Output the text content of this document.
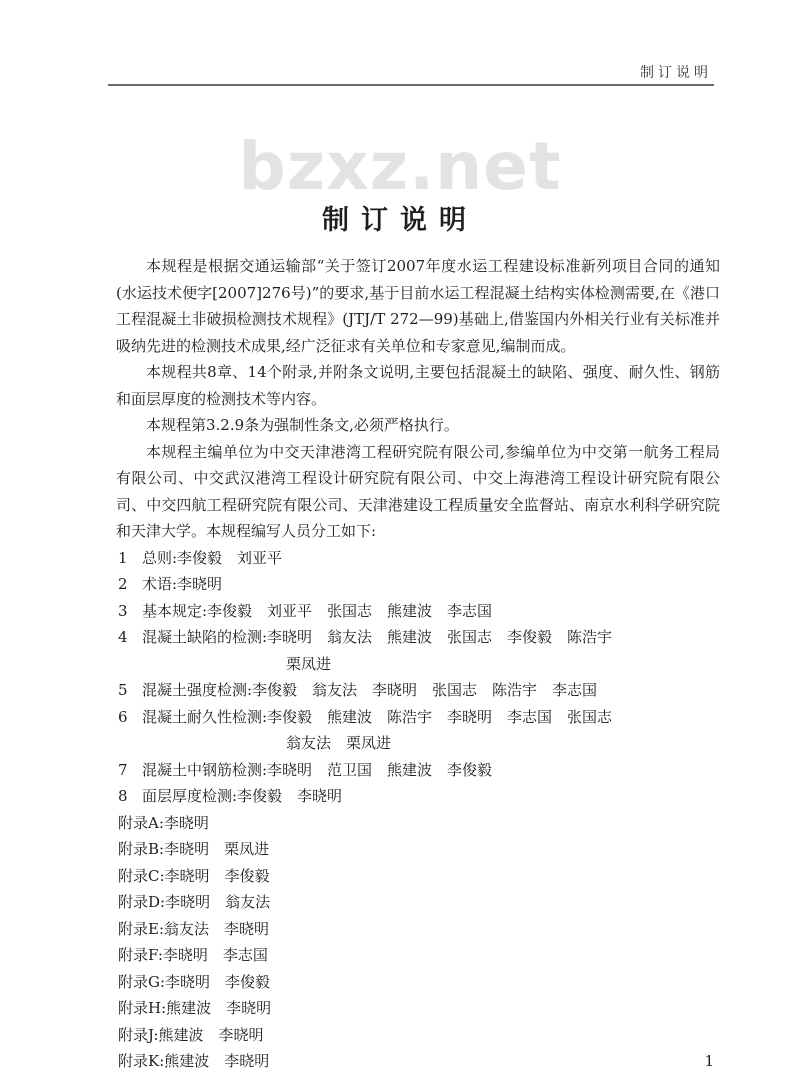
制订说明
bzxz.net
制订说明

本规程是根据交通运输部“关于签订2007年度水运工程建设标准新列项目合同的通知(水运技术便字[2007]276号)”的要求,基于目前水运工程混凝土结构实体检测需要,在《港口工程混凝土非破损检测技术规程》(JTJ/T 272—99)基础上,借鉴国内外相关行业有关标准并吸纳先进的检测技术成果,经广泛征求有关单位和专家意见,编制而成。

本规程共8章、14个附录,并附条文说明,主要包括混凝土的缺陷、强度、耐久性、钢筋和面层厚度的检测技术等内容。

本规程第3.2.9条为强制性条文,必须严格执行。

本规程主编单位为中交天津港湾工程研究院有限公司,参编单位为中交第一航务工程局有限公司、中交武汉港湾工程设计研究院有限公司、中交上海港湾工程设计研究院有限公司、中交四航工程研究院有限公司、天津港建设工程质量安全监督站、南京水利科学研究院和天津大学。本规程编写人员分工如下:

1 总则:李俊毅　刘亚平
2 术语:李晓明
3 基本规定:李俊毅　刘亚平　张国志　熊建波　李志国
4 混凝土缺陷的检测:李晓明　翁友法　熊建波　张国志　李俊毅　陈浩宇
栗凤进
5 混凝土强度检测:李俊毅　翁友法　李晓明　张国志　陈浩宇　李志国
6 混凝土耐久性检测:李俊毅　熊建波　陈浩宇　李晓明　李志国　张国志
翁友法　栗凤进
7 混凝土中钢筋检测:李晓明　范卫国　熊建波　李俊毅
8 面层厚度检测:李俊毅　李晓明
附录A:李晓明
附录B:李晓明　栗凤进
附录C:李晓明　李俊毅
附录D:李晓明　翁友法
附录E:翁友法　李晓明
附录F:李晓明　李志国
附录G:李晓明　李俊毅
附录H:熊建波　李晓明
附录J:熊建波　李晓明
附录K:熊建波　李晓明	1
